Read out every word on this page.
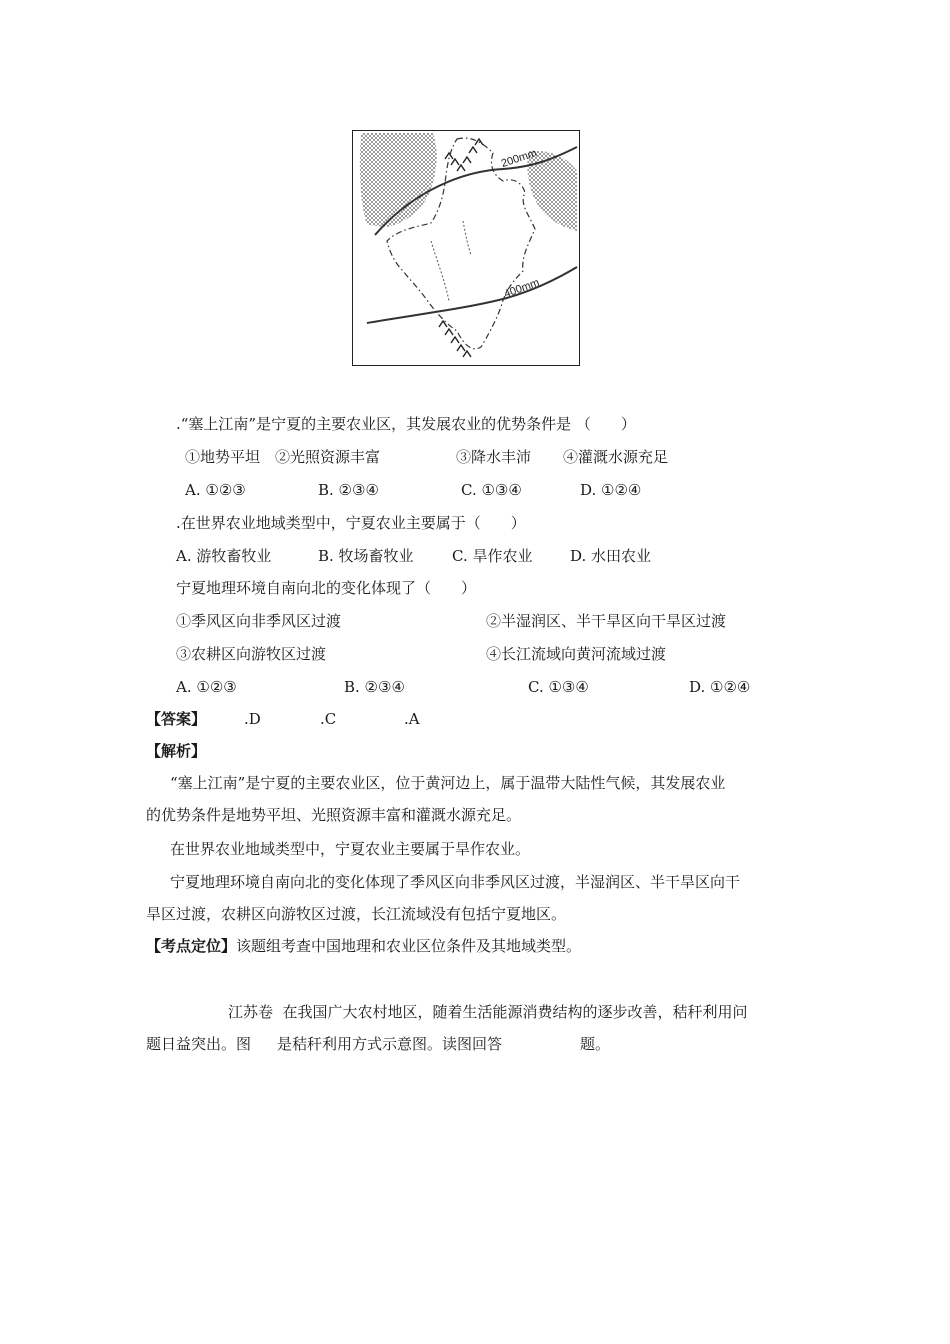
200mm
400mm
.“塞上江南”是宁夏的主要农业区，其发展农业的优势条件是 （　　）
①地势平坦 ②光照资源丰富	③降水丰沛 ④灌溉水源充足
A. ①②③	B. ②③④	C. ①③④	D. ①②④
.在世界农业地域类型中，宁夏农业主要属于（　　）
A. 游牧畜牧业	B. 牧场畜牧业	C. 旱作农业	D. 水田农业
宁夏地理环境自南向北的变化体现了（　　）
①季风区向非季风区过渡	②半湿润区、半干旱区向干旱区过渡
③农耕区向游牧区过渡	④长江流域向黄河流域过渡
A. ①②③	B. ②③④	C. ①③④	D. ①②④
【答案】	.D	.C	.A
【解析】
“塞上江南”是宁夏的主要农业区，位于黄河边上，属于温带大陆性气候，其发展农业
的优势条件是地势平坦、光照资源丰富和灌溉水源充足。
在世界农业地域类型中，宁夏农业主要属于旱作农业。
宁夏地理环境自南向北的变化体现了季风区向非季风区过渡，半湿润区、半干旱区向干
旱区过渡，农耕区向游牧区过渡，长江流域没有包括宁夏地区。
【考点定位】该题组考查中国地理和农业区位条件及其地域类型。
江苏卷  在我国广大农村地区，随着生活能源消费结构的逐步改善，秸秆利用问
题日益突出。图 是秸秆利用方式示意图。读图回答	题。
